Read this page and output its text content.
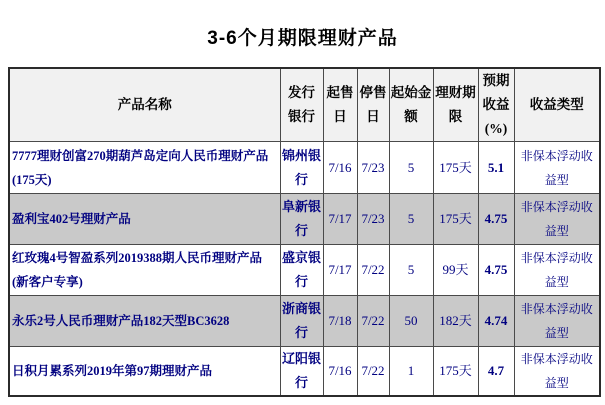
3-6个月期限理财产品
产品名称	发行银行	起售日	停售日	起始金额	理财期限	预期收益(%)	收益类型
7777理财创富270期葫芦岛定向人民币理财产品(175天)	锦州银行	7/16	7/23	5	175天	5.1	非保本浮动收益型
盈利宝402号理财产品	阜新银行	7/17	7/23	5	175天	4.75	非保本浮动收益型
红玫瑰4号智盈系列2019388期人民币理财产品(新客户专享)	盛京银行	7/17	7/22	5	99天	4.75	非保本浮动收益型
永乐2号人民币理财产品182天型BC3628	浙商银行	7/18	7/22	50	182天	4.74	非保本浮动收益型
日积月累系列2019年第97期理财产品	辽阳银行	7/16	7/22	1	175天	4.7	非保本浮动收益型
